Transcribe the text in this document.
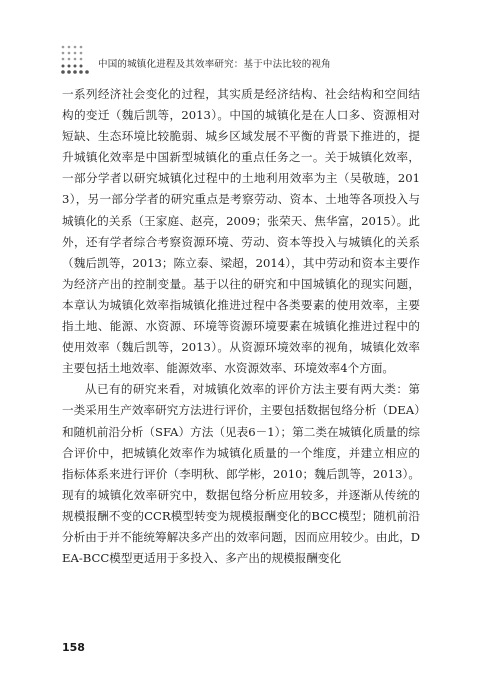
中国的城镇化进程及其效率研究：基于中法比较的视角

一系列经济社会变化的过程，其实质是经济结构、社会结构和空间结构的变迁（魏后凯等，2013）。中国的城镇化是在人口多、资源相对短缺、生态环境比较脆弱、城乡区域发展不平衡的背景下推进的，提升城镇化效率是中国新型城镇化的重点任务之一。关于城镇化效率，一部分学者以研究城镇化过程中的土地利用效率为主（吴敬琏，2013），另一部分学者的研究重点是考察劳动、资本、土地等各项投入与城镇化的关系（王家庭、赵亮，2009；张荣天、焦华富，2015）。此外，还有学者综合考察资源环境、劳动、资本等投入与城镇化的关系（魏后凯等，2013；陈立泰、梁超，2014），其中劳动和资本主要作为经济产出的控制变量。基于以往的研究和中国城镇化的现实问题，本章认为城镇化效率指城镇化推进过程中各类要素的使用效率，主要指土地、能源、水资源、环境等资源环境要素在城镇化推进过程中的使用效率（魏后凯等，2013）。从资源环境效率的视角，城镇化效率主要包括土地效率、能源效率、水资源效率、环境效率4个方面。

从已有的研究来看，对城镇化效率的评价方法主要有两大类：第一类采用生产效率研究方法进行评价，主要包括数据包络分析（DEA）和随机前沿分析（SFA）方法（见表6－1）；第二类在城镇化质量的综合评价中，把城镇化效率作为城镇化质量的一个维度，并建立相应的指标体系来进行评价（李明秋、郎学彬，2010；魏后凯等，2013）。现有的城镇化效率研究中，数据包络分析应用较多，并逐渐从传统的规模报酬不变的CCR模型转变为规模报酬变化的BCC模型；随机前沿分析由于并不能统筹解决多产出的效率问题，因而应用较少。由此，DEA-BCC模型更适用于多投入、多产出的规模报酬变化

158
